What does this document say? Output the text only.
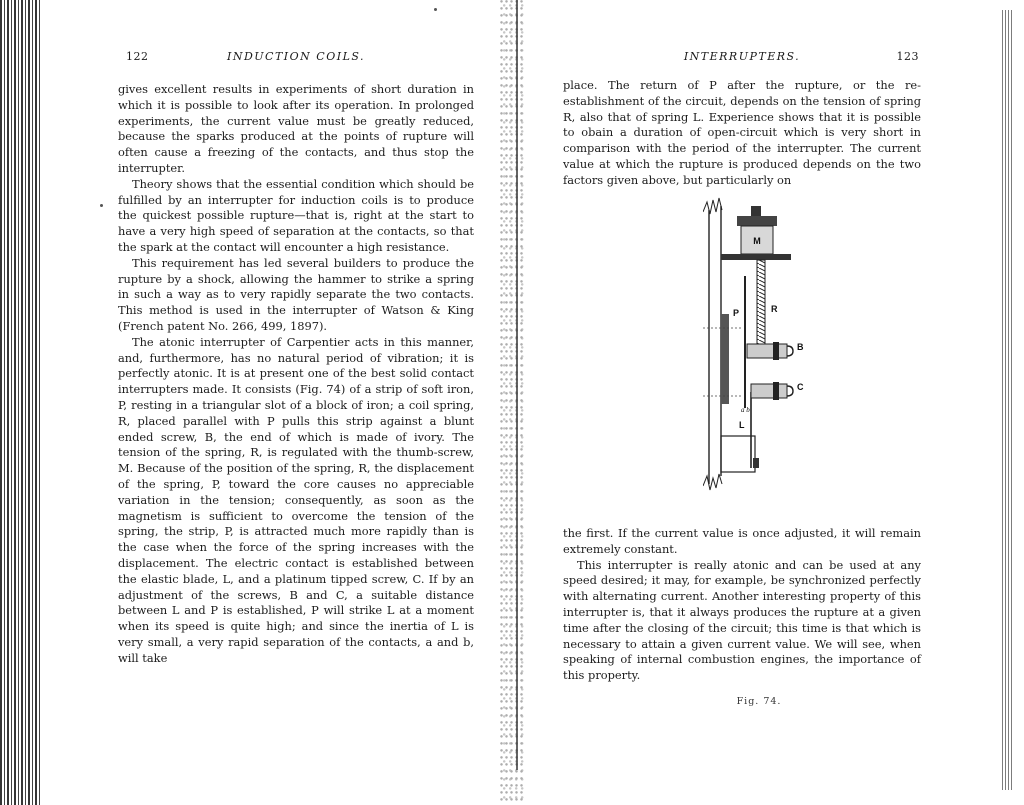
122	INDUCTION COILS.

gives excellent results in experiments of short duration in which it is possible to look after its operation. In prolonged experiments, the current value must be greatly reduced, because the sparks produced at the points of rupture will often cause a freezing of the contacts, and thus stop the interrupter.

Theory shows that the essential condition which should be fulfilled by an interrupter for induction coils is to produce the quickest possible rupture—that is, right at the start to have a very high speed of separation at the contacts, so that the spark at the contact will encounter a high resistance.

This requirement has led several builders to produce the rupture by a shock, allowing the hammer to strike a spring in such a way as to very rapidly separate the two contacts. This method is used in the interrupter of Watson & King (French patent No. 266, 499, 1897).

The atonic interrupter of Carpentier acts in this manner, and, furthermore, has no natural period of vibration; it is perfectly atonic. It is at present one of the best solid contact interrupters made. It consists (Fig. 74) of a strip of soft iron, P, resting in a triangular slot of a block of iron; a coil spring, R, placed parallel with P pulls this strip against a blunt ended screw, B, the end of which is made of ivory. The tension of the spring, R, is regulated with the thumb-screw, M. Because of the position of the spring, R, the displacement of the spring, P, toward the core causes no appreciable variation in the tension; consequently, as soon as the magnetism is sufficient to overcome the tension of the spring, the strip, P, is attracted much more rapidly than is the case when the force of the spring increases with the displacement. The electric contact is established between the elastic blade, L, and a platinum tipped screw, C. If by an adjustment of the screws, B and C, a suitable distance between L and P is established, P will strike L at a moment when its speed is quite high; and since the inertia of L is very small, a very rapid separation of the contacts, a and b, will take

INTERRUPTERS.	123

place. The return of P after the rupture, or the re-establishment of the circuit, depends on the tension of spring R, also that of spring L. Experience shows that it is possible to obain a duration of open-circuit which is very short in comparison with the period of the interrupter. The current value at which the rupture is produced depends on the two factors given above, but particularly on

M
R
P
L
B
C
a b
Fig. 74.

the first. If the current value is once adjusted, it will remain extremely constant.

This interrupter is really atonic and can be used at any speed desired; it may, for example, be synchronized perfectly with alternating current. Another interesting property of this interrupter is, that it always produces the rupture at a given time after the closing of the circuit; this time is that which is necessary to attain a given current value. We will see, when speaking of internal combustion engines, the importance of this property.
